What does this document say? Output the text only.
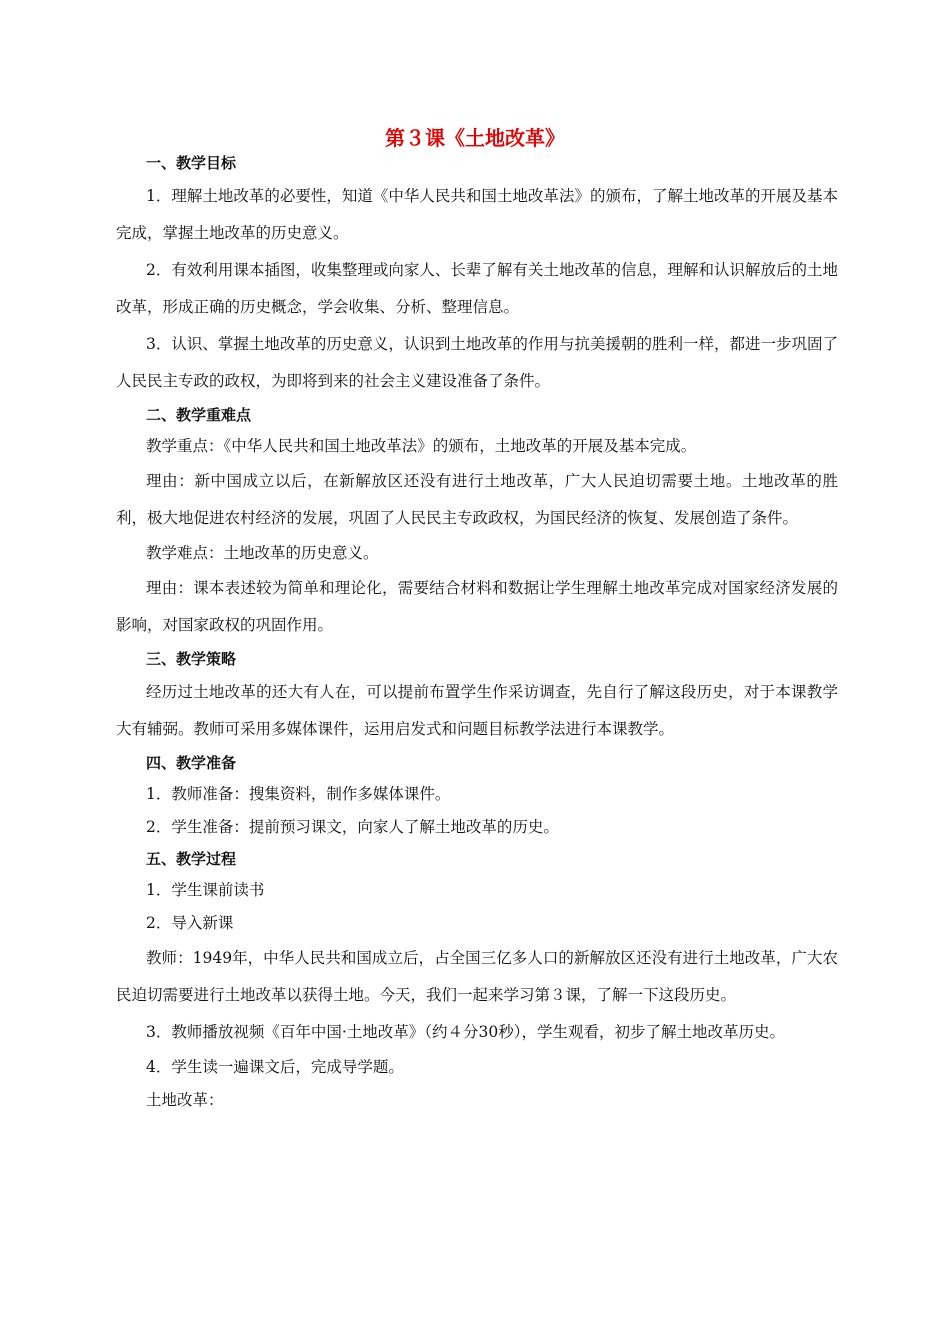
第３课《土地改革》
一、教学目标
1．理解土地改革的必要性，知道《中华人民共和国土地改革法》的颁布，了解土地改革的开展及基本完成，掌握土地改革的历史意义。
2．有效利用课本插图，收集整理或向家人、长辈了解有关土地改革的信息，理解和认识解放后的土地改革，形成正确的历史概念，学会收集、分析、整理信息。
3．认识、掌握土地改革的历史意义，认识到土地改革的作用与抗美援朝的胜利一样，都进一步巩固了人民民主专政的政权，为即将到来的社会主义建设准备了条件。
二、教学重难点
教学重点：《中华人民共和国土地改革法》的颁布，土地改革的开展及基本完成。
理由：新中国成立以后，在新解放区还没有进行土地改革，广大人民迫切需要土地。土地改革的胜利，极大地促进农村经济的发展，巩固了人民民主专政政权，为国民经济的恢复、发展创造了条件。
教学难点：土地改革的历史意义。
理由：课本表述较为简单和理论化，需要结合材料和数据让学生理解土地改革完成对国家经济发展的影响，对国家政权的巩固作用。
三、教学策略
经历过土地改革的还大有人在，可以提前布置学生作采访调查，先自行了解这段历史，对于本课教学大有辅弼。教师可采用多媒体课件，运用启发式和问题目标教学法进行本课教学。
四、教学准备
1．教师准备：搜集资料，制作多媒体课件。
2．学生准备：提前预习课文，向家人了解土地改革的历史。
五、教学过程
1．学生课前读书
2．导入新课
教师：1949年，中华人民共和国成立后，占全国三亿多人口的新解放区还没有进行土地改革，广大农民迫切需要进行土地改革以获得土地。今天，我们一起来学习第３课，了解一下这段历史。
3．教师播放视频《百年中国·土地改革》（约４分30秒），学生观看，初步了解土地改革历史。
4．学生读一遍课文后，完成导学题。
土地改革：
